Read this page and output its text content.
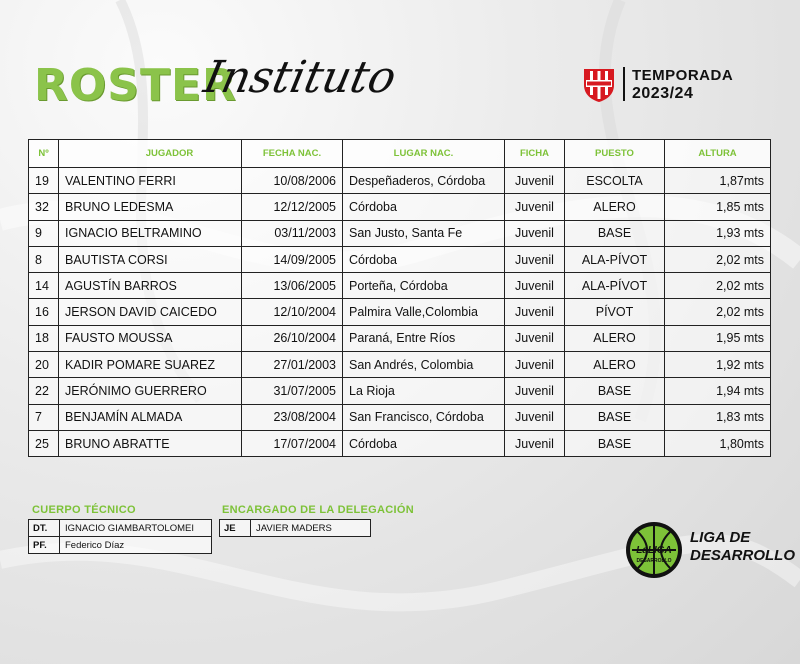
ROSTER
Instituto	TEMPORADA
2023/24
Nº	JUGADOR	FECHA NAC.	LUGAR NAC.	FICHA	PUESTO	ALTURA
19	VALENTINO FERRI	10/08/2006	Despeñaderos, Córdoba	Juvenil	ESCOLTA	1,87mts
32	BRUNO LEDESMA	12/12/2005	Córdoba	Juvenil	ALERO	1,85 mts
9	IGNACIO BELTRAMINO	03/11/2003	San Justo, Santa Fe	Juvenil	BASE	1,93 mts
8	BAUTISTA CORSI	14/09/2005	Córdoba	Juvenil	ALA-PÍVOT	2,02 mts
14	AGUSTÍN BARROS	13/06/2005	Porteña, Córdoba	Juvenil	ALA-PÍVOT	2,02 mts
16	JERSON DAVID CAICEDO	12/10/2004	Palmira Valle,Colombia	Juvenil	PÍVOT	2,02 mts
18	FAUSTO MOUSSA	26/10/2004	Paraná, Entre Ríos	Juvenil	ALERO	1,95 mts
20	KADIR POMARE SUAREZ	27/01/2003	San Andrés, Colombia	Juvenil	ALERO	1,92 mts
22	JERÓNIMO GUERRERO	31/07/2005	La Rioja	Juvenil	BASE	1,94 mts
7	BENJAMÍN ALMADA	23/08/2004	San Francisco, Córdoba	Juvenil	BASE	1,83 mts
25	BRUNO ABRATTE	17/07/2004	Córdoba	Juvenil	BASE	1,80mts
CUERPO TÉCNICO
DT.	IGNACIO GIAMBARTOLOMEI
PF.	Federico Díaz
ENCARGADO DE LA DELEGACIÓN
JE	JAVIER MADERS
LaLIGA
DESARROLLO
LIGA DE
DESARROLLO
